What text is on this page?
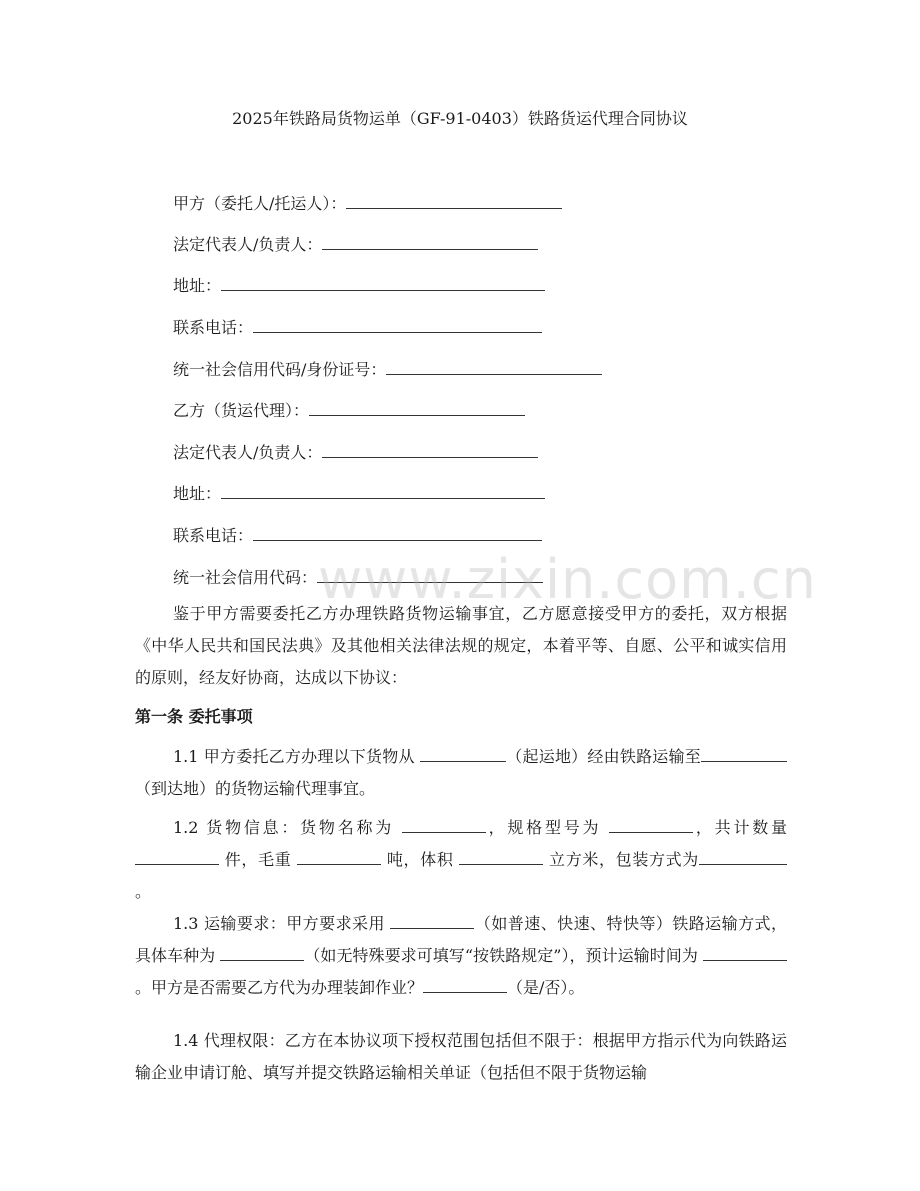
2025年铁路局货物运单（GF-91-0403）铁路货运代理合同协议
甲方（委托人/托运人）：
法定代表人/负责人：
地址：
联系电话：
统一社会信用代码/身份证号：
乙方（货运代理）：
法定代表人/负责人：
地址：
联系电话：
统一社会信用代码： www.zixin.com.cn
鉴于甲方需要委托乙方办理铁路货物运输事宜，乙方愿意接受甲方的委托，双方根据《中华人民共和国民法典》及其他相关法律法规的规定，本着平等、自愿、公平和诚实信用的原则，经友好协商，达成以下协议：
第一条 委托事项
1.1 甲方委托乙方办理以下货物从	（起运地）经由铁路运输至（到达地）的货物运输代理事宜。
1.2 货物信息：货物名称为	，规格型号为	，共计数量 件，毛重	吨，体积	立方米，包装方式为。
1.3 运输要求：甲方要求采用	（如普速、快速、特快等）铁路运输方式，具体车种为	（如无特殊要求可填写“按铁路规定”），预计运输时间为 。甲方是否需要乙方代为办理装卸作业？	（是/否）。
1.4 代理权限：乙方在本协议项下授权范围包括但不限于：根据甲方指示代为向铁路运输企业申请订舱、填写并提交铁路运输相关单证（包括但不限于货物运输
